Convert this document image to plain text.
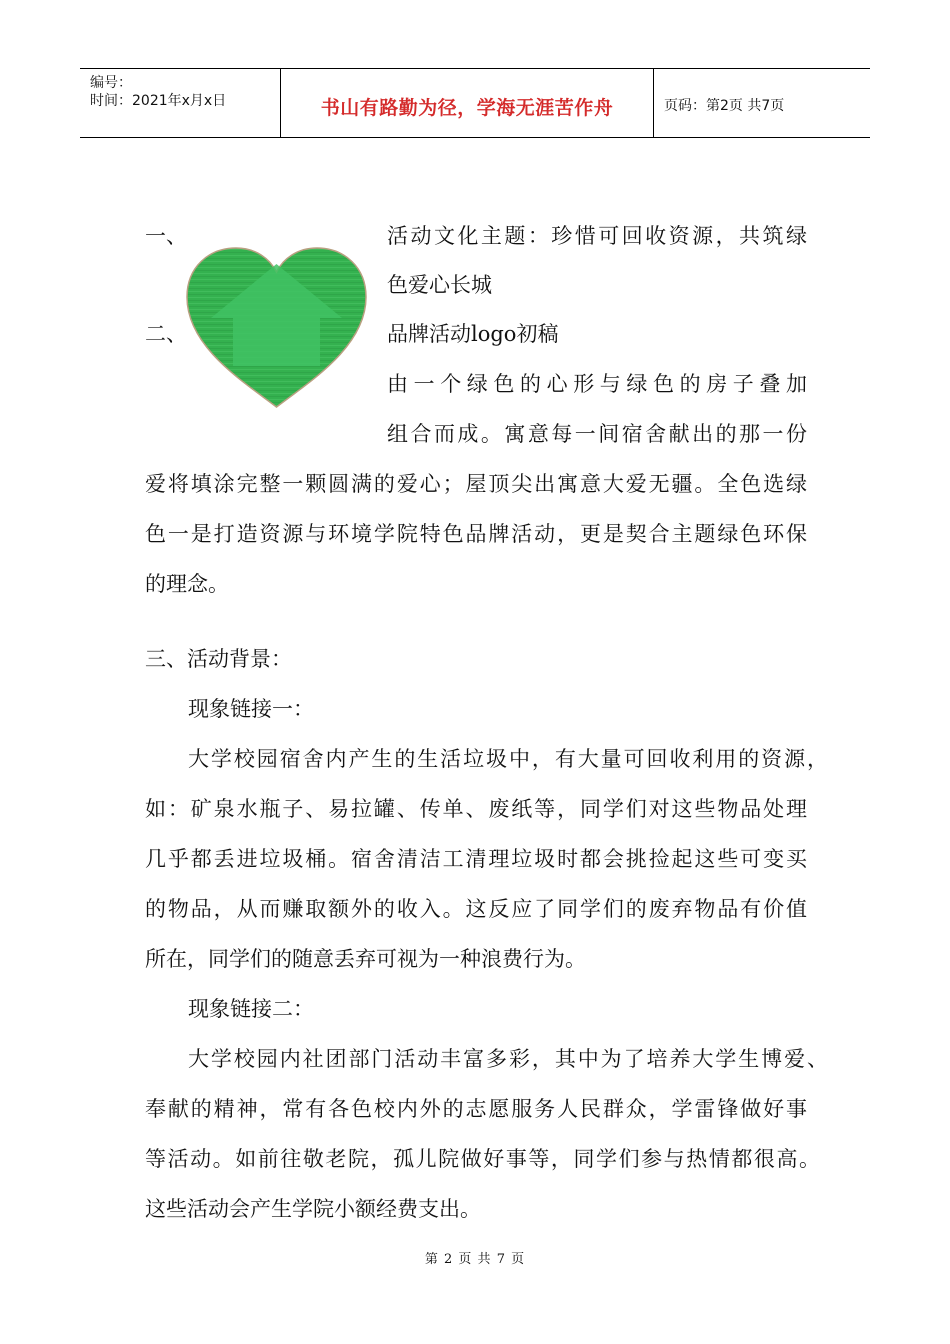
编号：
时间：2021年x月x日	书山有路勤为径，学海无涯苦作舟	页码：第2页 共7页
一、	活动文化主题：珍惜可回收资源，共筑绿
色爱心长城
二、	品牌活动logo初稿
由一个绿色的心形与绿色的房子叠加
组合而成。寓意每一间宿舍献出的那一份
爱将填涂完整一颗圆满的爱心；屋顶尖出寓意大爱无疆。全色选绿
色一是打造资源与环境学院特色品牌活动，更是契合主题绿色环保
的理念。
三、活动背景：
现象链接一：
大学校园宿舍内产生的生活垃圾中，有大量可回收利用的资源，
如：矿泉水瓶子、易拉罐、传单、废纸等，同学们对这些物品处理
几乎都丢进垃圾桶。宿舍清洁工清理垃圾时都会挑捡起这些可变买
的物品，从而赚取额外的收入。这反应了同学们的废弃物品有价值
所在，同学们的随意丢弃可视为一种浪费行为。
现象链接二：
大学校园内社团部门活动丰富多彩，其中为了培养大学生博爱、
奉献的精神，常有各色校内外的志愿服务人民群众，学雷锋做好事
等活动。如前往敬老院，孤儿院做好事等，同学们参与热情都很高。
这些活动会产生学院小额经费支出。
第 2 页 共 7 页
